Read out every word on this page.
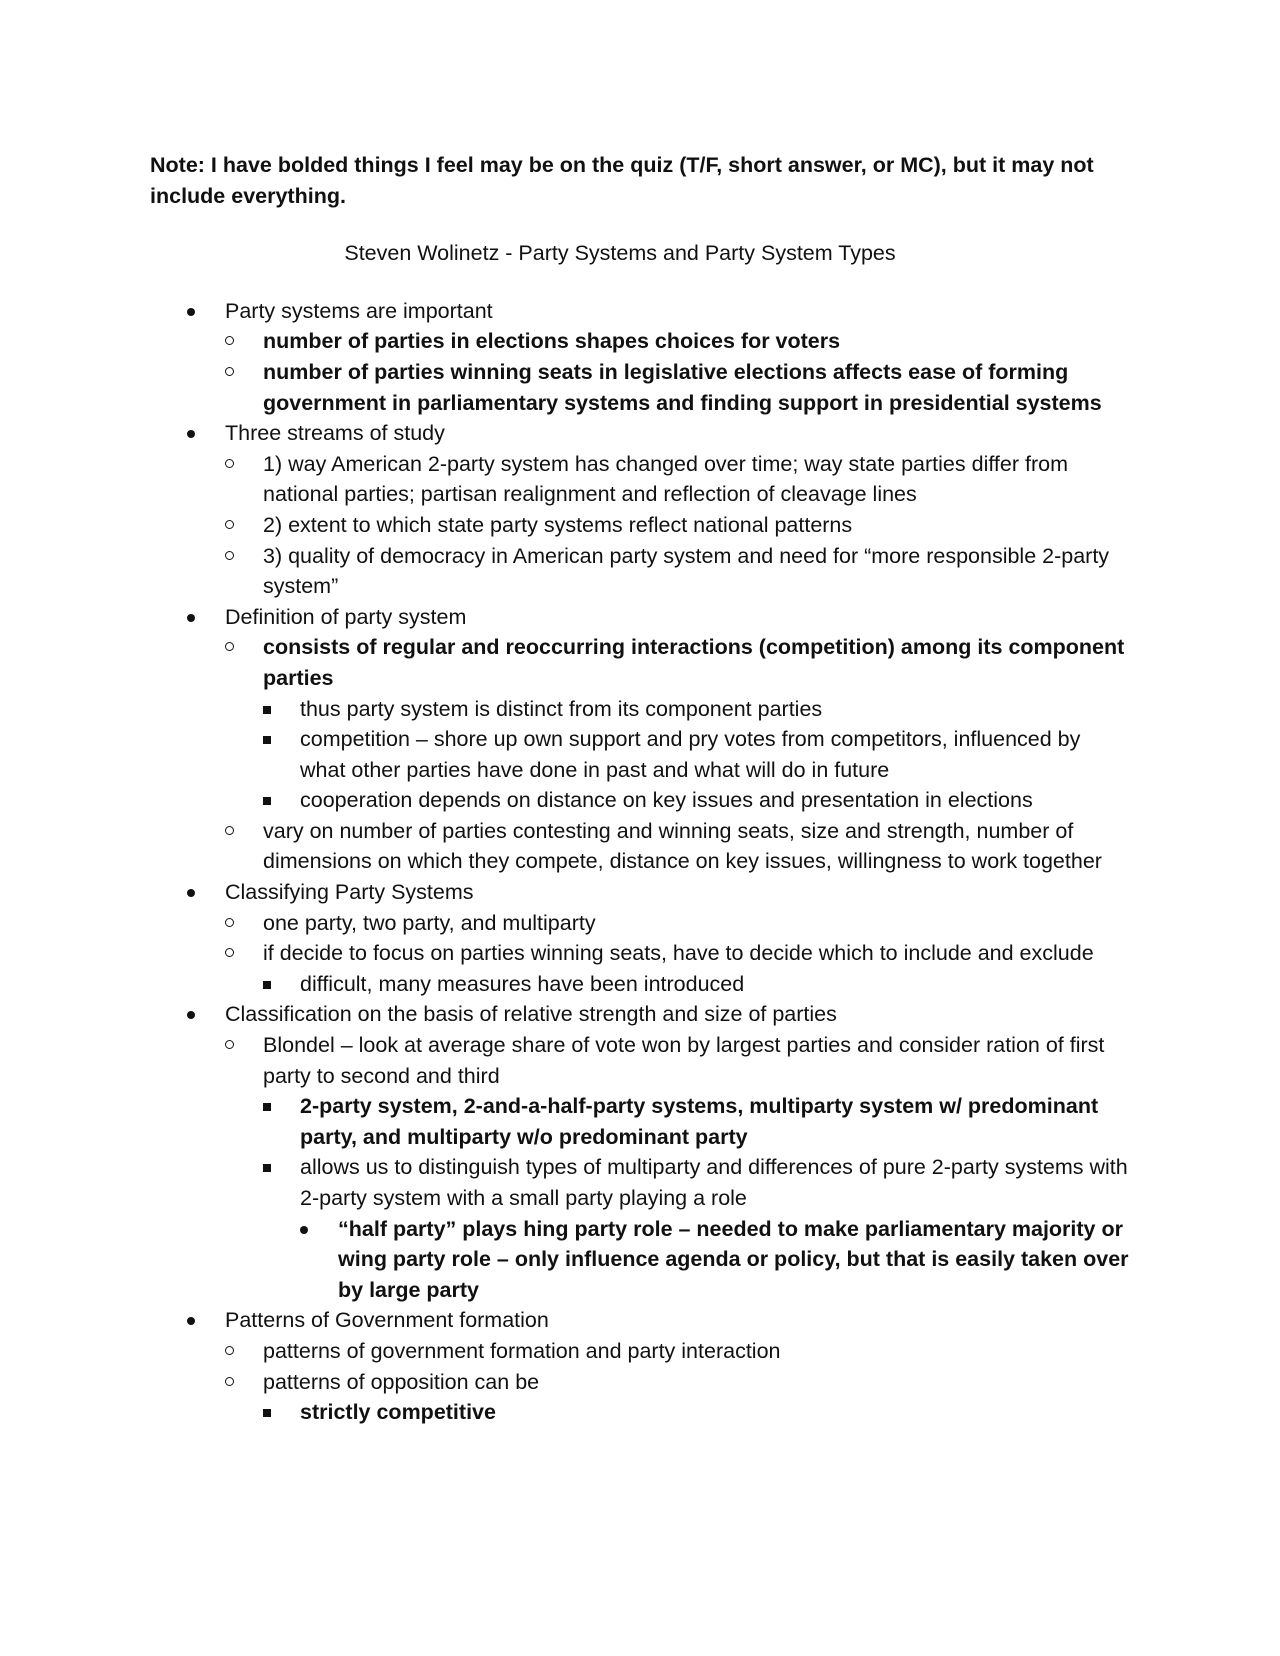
Note: I have bolded things I feel may be on the quiz (T/F, short answer, or MC), but it may not include everything.

Steven Wolinetz - Party Systems and Party System Types
Party systems are important
number of parties in elections shapes choices for voters
number of parties winning seats in legislative elections affects ease of forming government in parliamentary systems and finding support in presidential systems
Three streams of study
1) way American 2-party system has changed over time; way state parties differ from national parties; partisan realignment and reflection of cleavage lines
2) extent to which state party systems reflect national patterns
3) quality of democracy in American party system and need for “more responsible 2-party system”
Definition of party system
consists of regular and reoccurring interactions (competition) among its component parties
thus party system is distinct from its component parties
competition – shore up own support and pry votes from competitors, influenced by what other parties have done in past and what will do in future
cooperation depends on distance on key issues and presentation in elections
vary on number of parties contesting and winning seats, size and strength, number of dimensions on which they compete, distance on key issues, willingness to work together
Classifying Party Systems
one party, two party, and multiparty
if decide to focus on parties winning seats, have to decide which to include and exclude
difficult, many measures have been introduced
Classification on the basis of relative strength and size of parties
Blondel – look at average share of vote won by largest parties and consider ration of first party to second and third
2-party system, 2-and-a-half-party systems, multiparty system w/ predominant party, and multiparty w/o predominant party
allows us to distinguish types of multiparty and differences of pure 2-party systems with 2-party system with a small party playing a role
“half party” plays hing party role – needed to make parliamentary majority or wing party role – only influence agenda or policy, but that is easily taken over by large party
Patterns of Government formation
patterns of government formation and party interaction
patterns of opposition can be
strictly competitive
